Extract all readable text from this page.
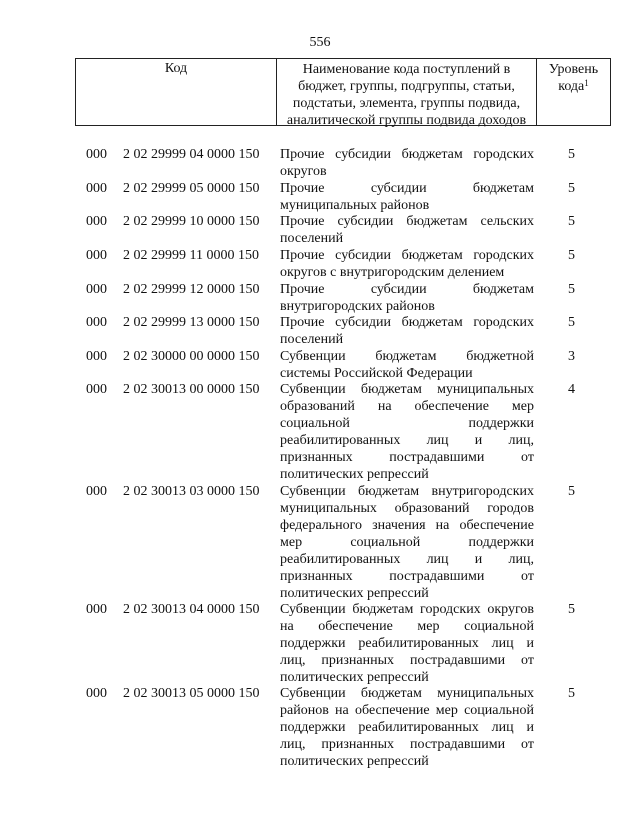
556
Код	Наименование кода поступлений в бюджет, группы, подгруппы, статьи, подстатьи, элемента, группы подвида, аналитической группы подвида доходов
Уровень кода$^1$
000 2 02 29999 04 0000 150 Прочие субсидии бюджетам городских округов
5
000 2 02 29999 05 0000 150 Прочие субсидии бюджетам муниципальных районов
5
000 2 02 29999 10 0000 150 Прочие субсидии бюджетам сельских поселений
5
000 2 02 29999 11 0000 150 Прочие субсидии бюджетам городских округов с внутригородским делением
5
000 2 02 29999 12 0000 150 Прочие субсидии бюджетам внутригородских районов
5
000 2 02 29999 13 0000 150 Прочие субсидии бюджетам городских поселений
5
000 2 02 30000 00 0000 150 Субвенции бюджетам бюджетной системы Российской Федерации
3
000 2 02 30013 00 0000 150 Субвенции бюджетам муниципальных образований на обеспечение мер социальной поддержки реабилитированных лиц и лиц, признанных пострадавшими от политических репрессий
4
000 2 02 30013 03 0000 150 Субвенции бюджетам внутригородских муниципальных образований городов федерального значения на обеспечение мер социальной поддержки реабилитированных лиц и лиц, признанных пострадавшими от политических репрессий
5
000 2 02 30013 04 0000 150 Субвенции бюджетам городских округов на обеспечение мер социальной поддержки реабилитированных лиц и лиц, признанных пострадавшими от политических репрессий
5
000 2 02 30013 05 0000 150 Субвенции бюджетам муниципальных районов на обеспечение мер социальной поддержки реабилитированных лиц и лиц, признанных пострадавшими от политических репрессий
5
